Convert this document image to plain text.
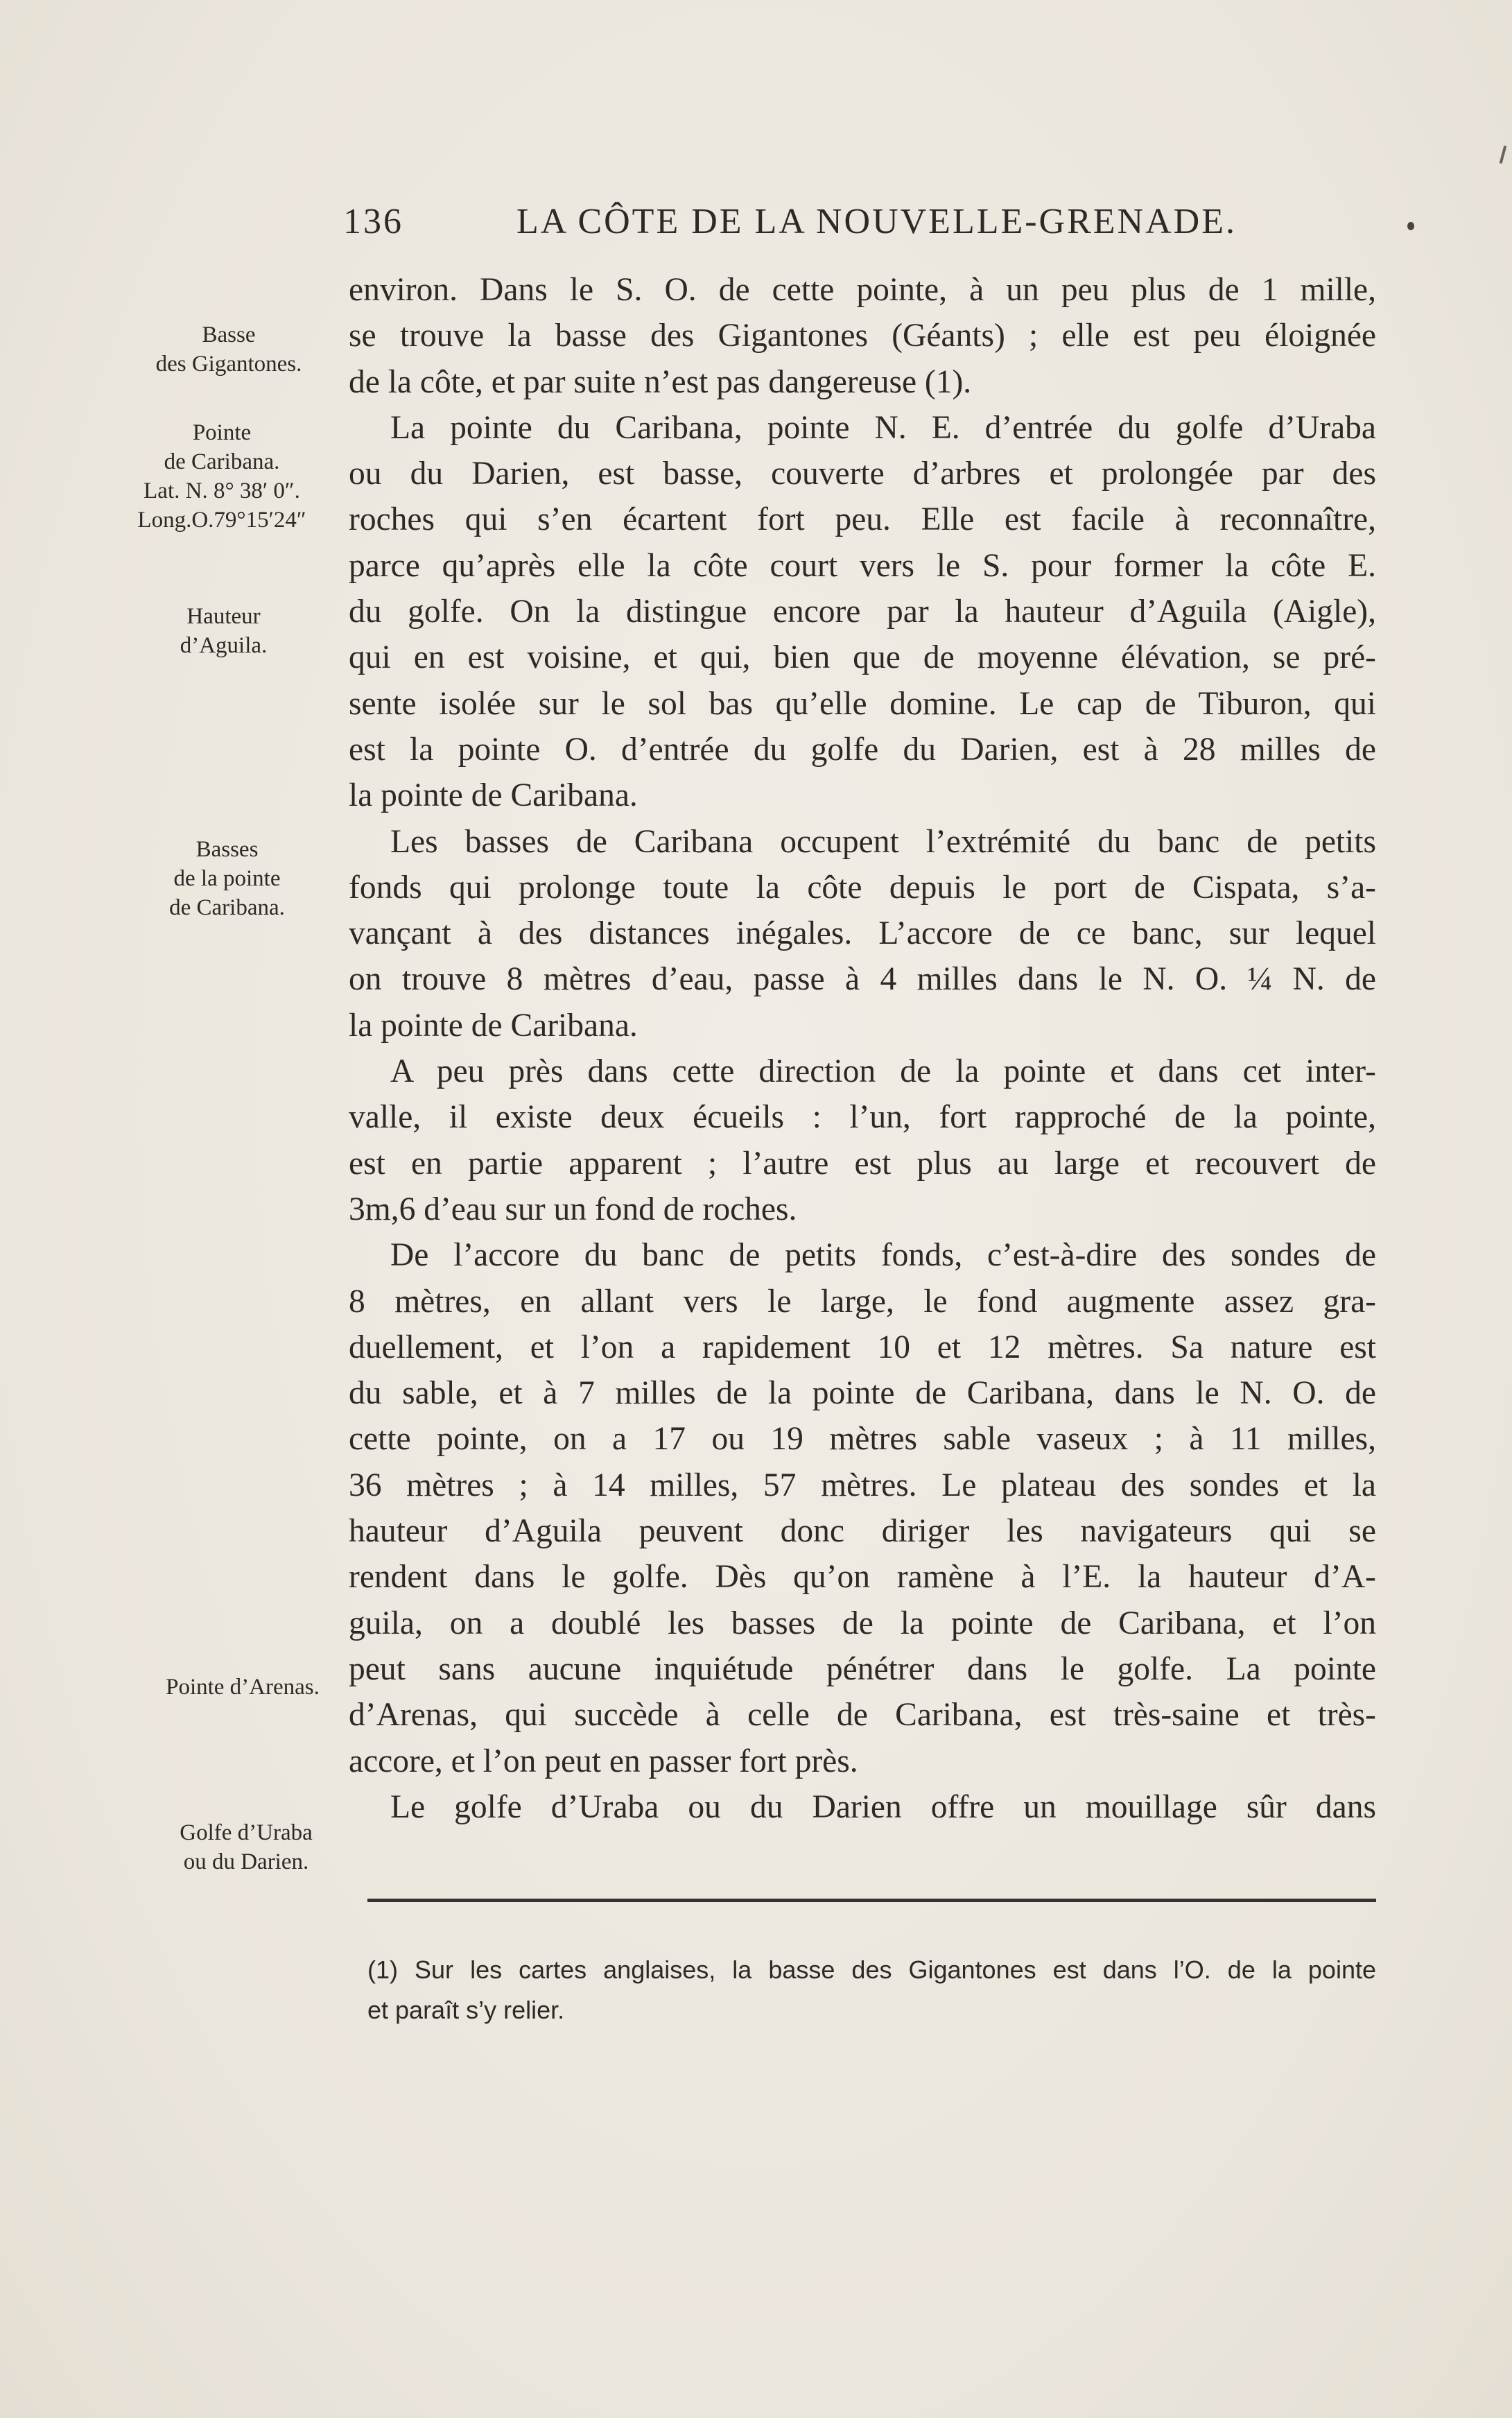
136	LA CÔTE DE LA NOUVELLE-GRENADE.
Basse
des Gigantones.
Pointe
de Caribana.
Lat. N. 8° 38′ 0″.
Long.O.79°15′24″
Hauteur
d’Aguila.
Basses
de la pointe
de Caribana.
Pointe d’Arenas.
Golfe d’Uraba
ou du Darien.
environ. Dans le S. O. de cette pointe, à un peu plus de 1 mille,
se trouve la basse des Gigantones (Géants) ; elle est peu éloignée
de la côte, et par suite n’est pas dangereuse (1).
La pointe du Caribana, pointe N. E. d’entrée du golfe d’Uraba
ou du Darien, est basse, couverte d’arbres et prolongée par des
roches qui s’en écartent fort peu. Elle est facile à reconnaître,
parce qu’après elle la côte court vers le S. pour former la côte E.
du golfe. On la distingue encore par la hauteur d’Aguila (Aigle),
qui en est voisine, et qui, bien que de moyenne élévation, se pré-
sente isolée sur le sol bas qu’elle domine. Le cap de Tiburon, qui
est la pointe O. d’entrée du golfe du Darien, est à 28 milles de
la pointe de Caribana.
Les basses de Caribana occupent l’extrémité du banc de petits
fonds qui prolonge toute la côte depuis le port de Cispata, s’a-
vançant à des distances inégales. L’accore de ce banc, sur lequel
on trouve 8 mètres d’eau, passe à 4 milles dans le N. O. ¼ N. de
la pointe de Caribana.
A peu près dans cette direction de la pointe et dans cet inter-
valle, il existe deux écueils : l’un, fort rapproché de la pointe,
est en partie apparent ; l’autre est plus au large et recouvert de
3m,6 d’eau sur un fond de roches.
De l’accore du banc de petits fonds, c’est-à-dire des sondes de
8 mètres, en allant vers le large, le fond augmente assez gra-
duellement, et l’on a rapidement 10 et 12 mètres. Sa nature est
du sable, et à 7 milles de la pointe de Caribana, dans le N. O. de
cette pointe, on a 17 ou 19 mètres sable vaseux ; à 11 milles,
36 mètres ; à 14 milles, 57 mètres. Le plateau des sondes et la
hauteur d’Aguila peuvent donc diriger les navigateurs qui se
rendent dans le golfe. Dès qu’on ramène à l’E. la hauteur d’A-
guila, on a doublé les basses de la pointe de Caribana, et l’on
peut sans aucune inquiétude pénétrer dans le golfe. La pointe
d’Arenas, qui succède à celle de Caribana, est très-saine et très-
accore, et l’on peut en passer fort près.
Le golfe d’Uraba ou du Darien offre un mouillage sûr dans
(1) Sur les cartes anglaises, la basse des Gigantones est dans l’O. de la pointe
et paraît s’y relier.
